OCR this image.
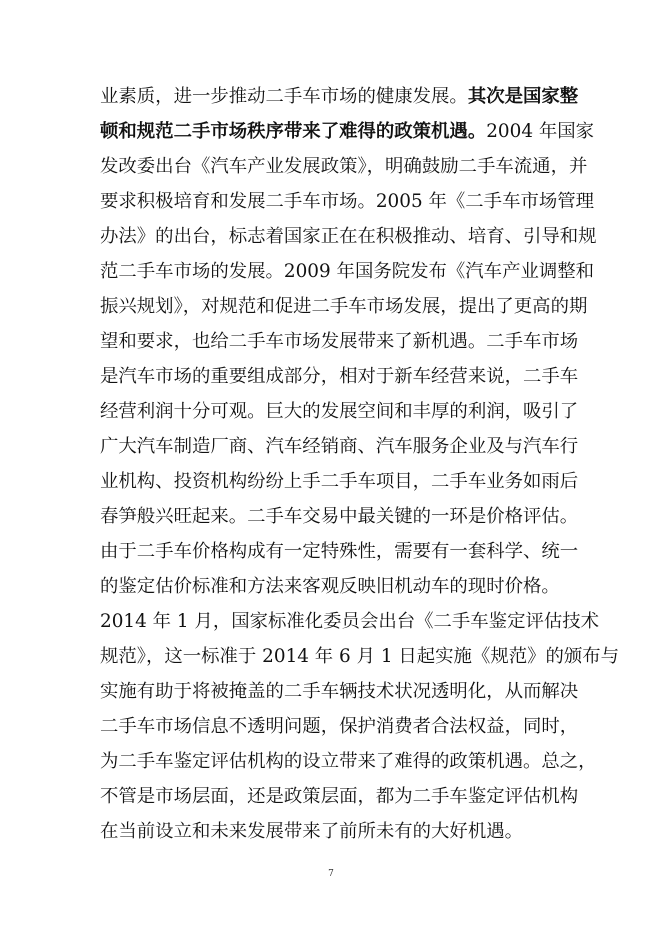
业素质，进一步推动二手车市场的健康发展。其次是国家整
顿和规范二手市场秩序带来了难得的政策机遇。2004 年国家
发改委出台《汽车产业发展政策》，明确鼓励二手车流通，并
要求积极培育和发展二手车市场。2005 年《二手车市场管理
办法》的出台，标志着国家正在在积极推动、培育、引导和规
范二手车市场的发展。2009 年国务院发布《汽车产业调整和
振兴规划》，对规范和促进二手车市场发展，提出了更高的期
望和要求，也给二手车市场发展带来了新机遇。二手车市场
是汽车市场的重要组成部分，相对于新车经营来说，二手车
经营利润十分可观。巨大的发展空间和丰厚的利润，吸引了
广大汽车制造厂商、汽车经销商、汽车服务企业及与汽车行
业机构、投资机构纷纷上手二手车项目，二手车业务如雨后
春笋般兴旺起来。二手车交易中最关键的一环是价格评估。
由于二手车价格构成有一定特殊性，需要有一套科学、统一
的鉴定估价标准和方法来客观反映旧机动车的现时价格。
2014 年 1 月，国家标准化委员会出台《二手车鉴定评估技术
规范》，这一标准于 2014 年 6 月 1 日起实施《规范》的颁布与
实施有助于将被掩盖的二手车辆技术状况透明化，从而解决
二手车市场信息不透明问题，保护消费者合法权益，同时，
为二手车鉴定评估机构的设立带来了难得的政策机遇。总之，
不管是市场层面，还是政策层面，都为二手车鉴定评估机构
在当前设立和未来发展带来了前所未有的大好机遇。
7
